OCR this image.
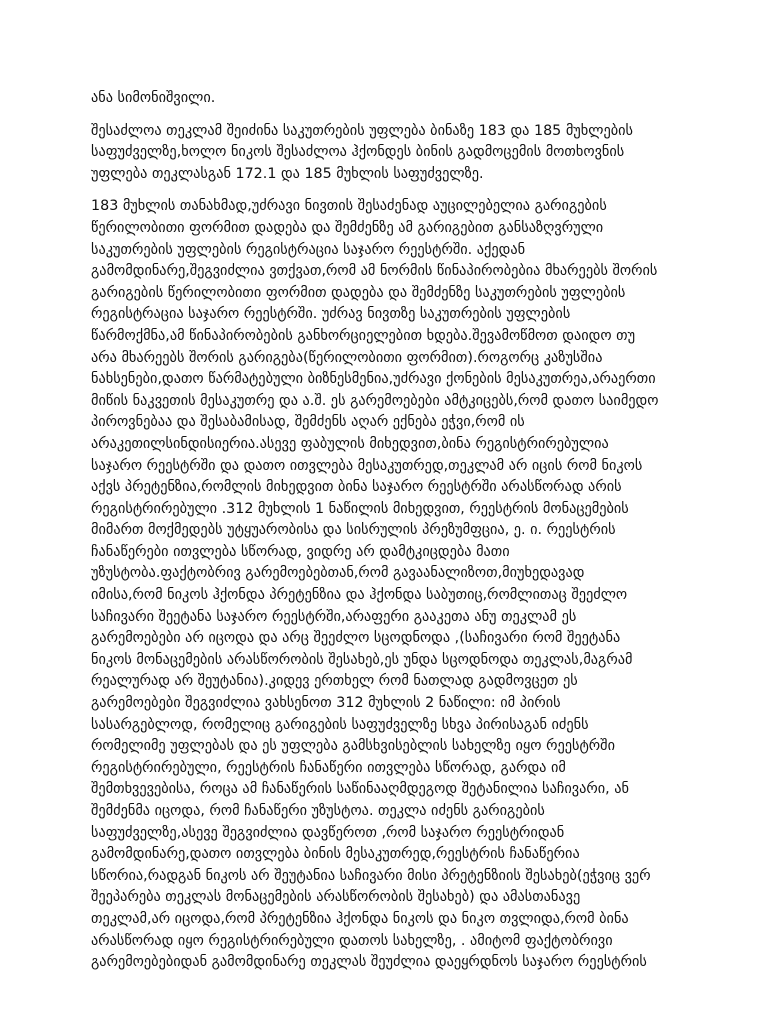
ანა სიმონიშვილი.

შესაძლოა თეკლამ შეიძინა საკუთრების უფლება ბინაზე 183 და 185 მუხლების
საფუძველზე,ხოლო ნიკოს შესაძლოა ჰქონდეს ბინის გადმოცემის მოთხოვნის
უფლება თეკლასგან 172.1 და 185 მუხლის საფუძველზე.

183 მუხლის თანახმად,უძრავი ნივთის შესაძენად აუცილებელია გარიგების
წერილობითი ფორმით დადება და შემძენზე ამ გარიგებით განსაზღვრული
საკუთრების უფლების რეგისტრაცია საჯარო რეესტრში. აქედან
გამომდინარე,შეგვიძლია ვთქვათ,რომ ამ ნორმის წინაპირობებია მხარეებს შორის
გარიგების წერილობითი ფორმით დადება და შემძენზე საკუთრების უფლების
რეგისტრაცია საჯარო რეესტრში. უძრავ ნივთზე საკუთრების უფლების
წარმოქმნა,ამ წინაპირობების განხორციელებით ხდება.შევამოწმოთ დაიდო თუ
არა მხარეებს შორის გარიგება(წერილობითი ფორმით).როგორც კაზუსშია
ნახსენები,დათო წარმატებული ბიზნესმენია,უძრავი ქონების მესაკუთრეა,არაერთი
მიწის ნაკვეთის მესაკუთრე და ა.შ. ეს გარემოებები ამტკიცებს,რომ დათო საიმედო
პიროვნებაა და შესაბამისად, შემძენს აღარ ექნება ეჭვი,რომ ის
არაკეთილსინდისიერია.ასევე ფაბულის მიხედვით,ბინა რეგისტრირებულია
საჯარო რეესტრში და დათო ითვლება მესაკუთრედ,თეკლამ არ იცის რომ ნიკოს
აქვს პრეტენზია,რომლის მიხედვით ბინა საჯარო რეესტრში არასწორად არის
რეგისტრირებული .312 მუხლის 1 ნაწილის მიხედვით, რეესტრის მონაცემების
მიმართ მოქმედებს უტყუარობისა და სისრულის პრეზუმფცია, ე. ი. რეესტრის
ჩანაწერები ითვლება სწორად, ვიდრე არ დამტკიცდება მათი
უზუსტობა.ფაქტობრივ გარემოებებთან,რომ გავაანალიზოთ,მიუხედავად
იმისა,რომ ნიკოს ჰქონდა პრეტენზია და ჰქონდა საბუთიც,რომლითაც შეეძლო
საჩივარი შეეტანა საჯარო რეესტრში,არაფერი გააკეთა ანუ თეკლამ ეს
გარემოებები არ იცოდა და არც შეეძლო სცოდნოდა ,(საჩივარი რომ შეეტანა
ნიკოს მონაცემების არასწორობის შესახებ,ეს უნდა სცოდნოდა თეკლას,მაგრამ
რეალურად არ შეუტანია).კიდევ ერთხელ რომ ნათლად გადმოვცეთ ეს
გარემოებები შეგვიძლია ვახსენოთ 312 მუხლის 2 ნაწილი: იმ პირის
სასარგებლოდ, რომელიც გარიგების საფუძველზე სხვა პირისაგან იძენს
რომელიმე უფლებას და ეს უფლება გამსხვისებლის სახელზე იყო რეესტრში
რეგისტრირებული, რეესტრის ჩანაწერი ითვლება სწორად, გარდა იმ
შემთხვევებისა, როცა ამ ჩანაწერის საწინააღმდეგოდ შეტანილია საჩივარი, ან
შემძენმა იცოდა, რომ ჩანაწერი უზუსტოა. თეკლა იძენს გარიგების
საფუძველზე,ასევე შეგვიძლია დავწეროთ ,რომ საჯარო რეესტრიდან
გამომდინარე,დათო ითვლება ბინის მესაკუთრედ,რეესტრის ჩანაწერია
სწორია,რადგან ნიკოს არ შეუტანია საჩივარი მისი პრეტენზიის შესახებ(ეჭვიც ვერ
შეეპარება თეკლას მონაცემების არასწორობის შესახებ) და ამასთანავე
თეკლამ,არ იცოდა,რომ პრეტენზია ჰქონდა ნიკოს და ნიკო თვლიდა,რომ ბინა
არასწორად იყო რეგისტრირებული დათოს სახელზე, . ამიტომ ფაქტობრივი
გარემოებებიდან გამომდინარე თეკლას შეუძლია დაეყრდნოს საჯარო რეესტრის
